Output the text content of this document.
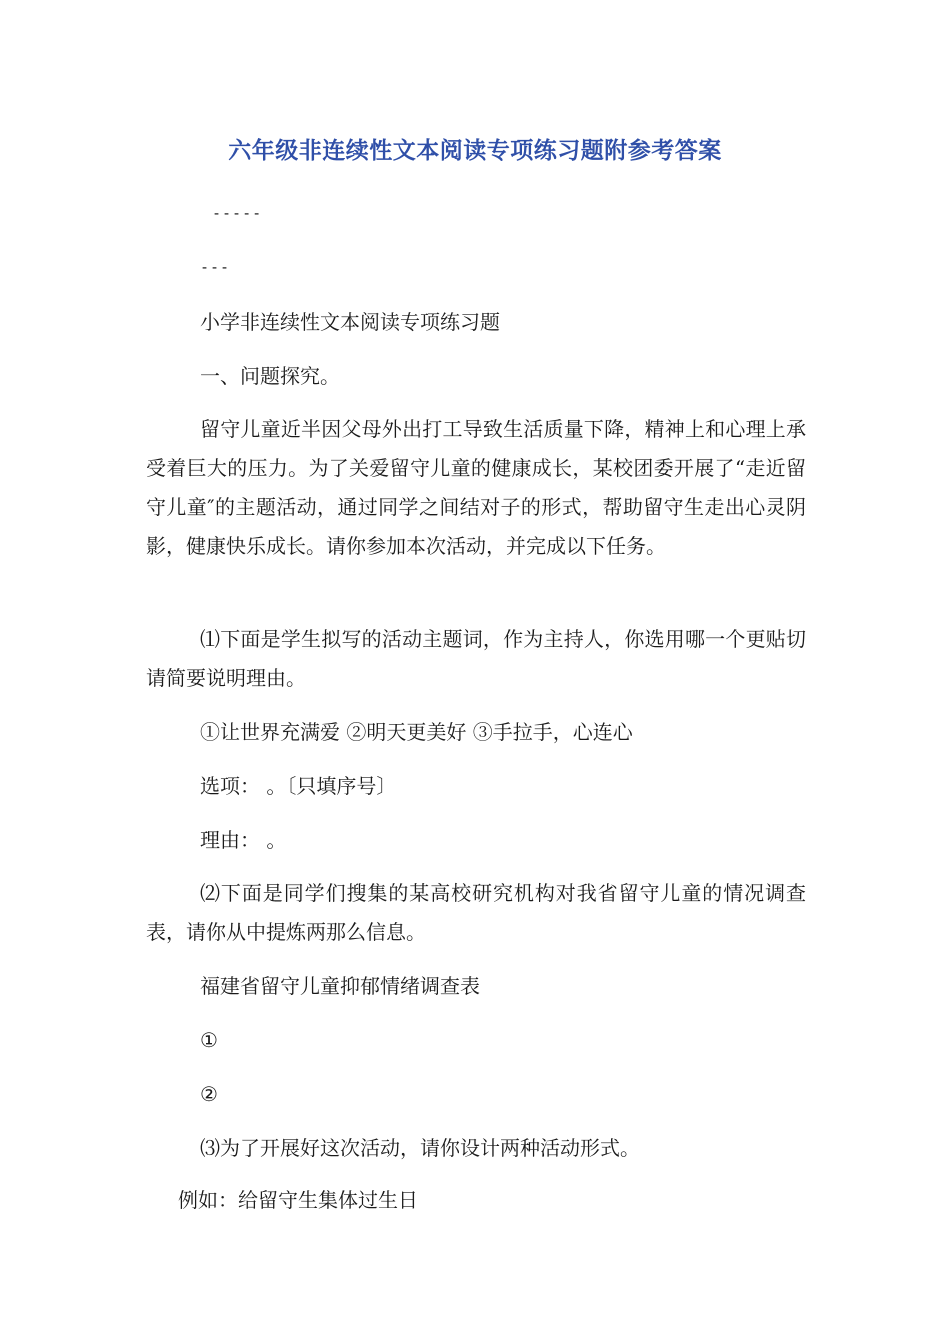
六年级非连续性文本阅读专项练习题附参考答案
-----
---
小学非连续性文本阅读专项练习题
一、问题探究。
留守儿童近半因父母外出打工导致生活质量下降，精神上和心理上承受着巨大的压力。为了关爱留守儿童的健康成长，某校团委开展了“走近留守儿童″的主题活动，通过同学之间结对子的形式，帮助留守生走出心灵阴影，健康快乐成长。请你参加本次活动，并完成以下任务。
⑴下面是学生拟写的活动主题词，作为主持人，你选用哪一个更贴切 请简要说明理由。
①让世界充满爱 ②明天更美好 ③手拉手，心连心
选项： 。〔只填序号〕
理由： 。
⑵下面是同学们搜集的某高校研究机构对我省留守儿童的情况调查表，请你从中提炼两那么信息。
福建省留守儿童抑郁情绪调查表
①
②
⑶为了开展好这次活动，请你设计两种活动形式。
例如：给留守生集体过生日
